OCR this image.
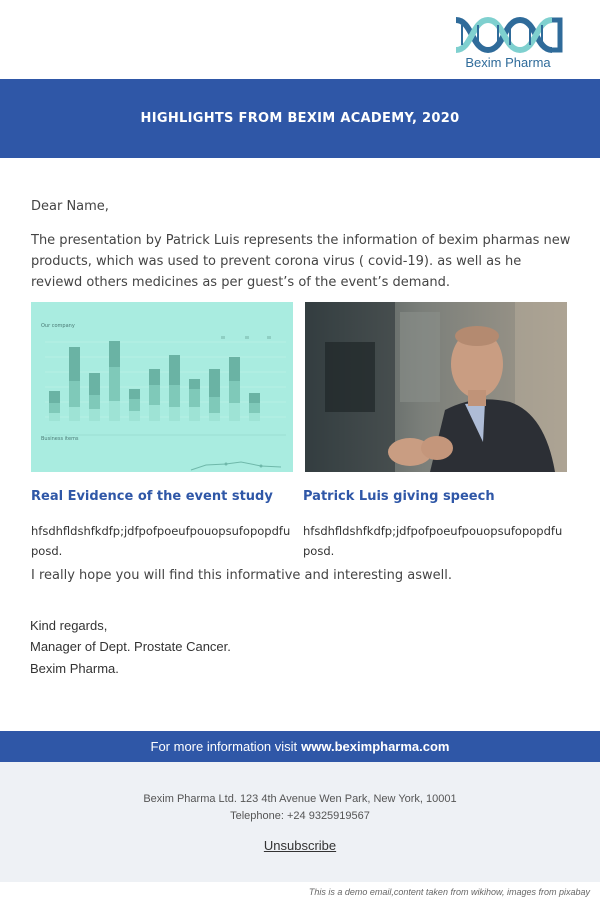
Bexim Pharma
HIGHLIGHTS FROM BEXIM ACADEMY, 2020

Dear Name,

The presentation by Patrick Luis represents the information of bexim pharmas new products, which was used to prevent corona virus ( covid-19). as well as he reviewd others medicines as per guest’s of the event’s demand.

Our company
Business items
Real Evidence of the event study Patrick Luis giving speech

hfsdhfldshfkdfp;jdfpofpoeufpouopsufopopdfuposd.

hfsdhfldshfkdfp;jdfpofpoeufpouopsufopopdfuposd.

I really hope you will find this informative and interesting aswell.

Kind regards,

Manager of Dept. Prostate Cancer.

Bexim Pharma.

For more information visit www.beximpharma.com

Bexim Pharma Ltd. 123 4th Avenue Wen Park, New York, 10001

Telephone: +24 9325919567

Unsubscribe

This is a demo email,content taken from wikihow, images from pixabay
